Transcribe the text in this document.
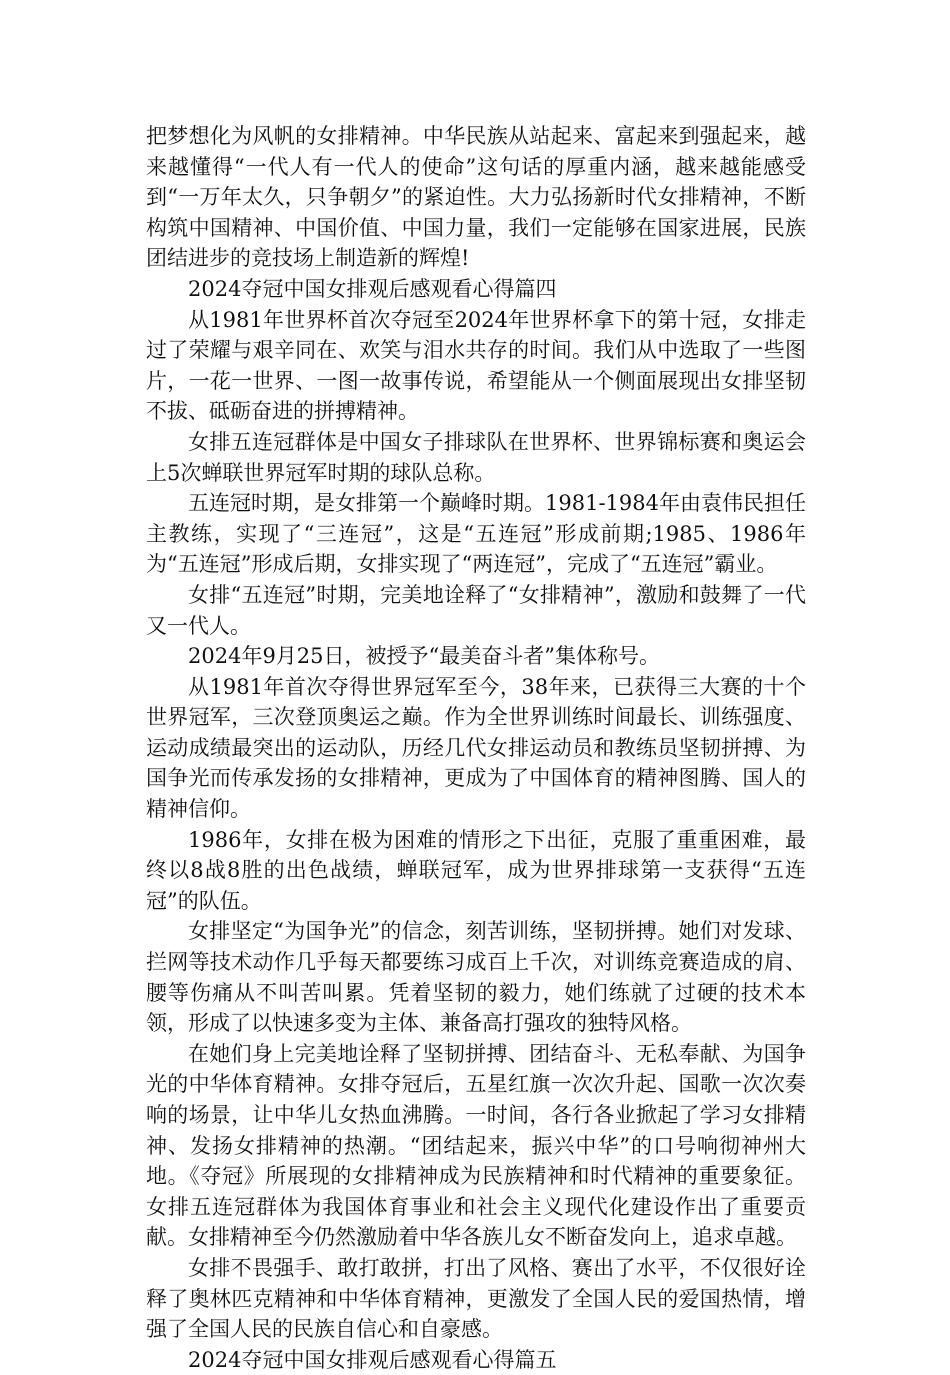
把梦想化为风帆的女排精神。中华民族从站起来、富起来到强起来，越来越懂得“一代人有一代人的使命”这句话的厚重内涵，越来越能感受到“一万年太久，只争朝夕”的紧迫性。大力弘扬新时代女排精神，不断构筑中国精神、中国价值、中国力量，我们一定能够在国家进展，民族团结进步的竞技场上制造新的辉煌!

2024夺冠中国女排观后感观看心得篇四

从1981年世界杯首次夺冠至2024年世界杯拿下的第十冠，女排走过了荣耀与艰辛同在、欢笑与泪水共存的时间。我们从中选取了一些图片，一花一世界、一图一故事传说，希望能从一个侧面展现出女排坚韧不拔、砥砺奋进的拼搏精神。

女排五连冠群体是中国女子排球队在世界杯、世界锦标赛和奥运会上5次蝉联世界冠军时期的球队总称。

五连冠时期，是女排第一个巅峰时期。1981-1984年由袁伟民担任主教练，实现了“三连冠”，这是“五连冠”形成前期;1985、1986年为“五连冠”形成后期，女排实现了“两连冠”，完成了“五连冠”霸业。

女排“五连冠”时期，完美地诠释了“女排精神”，激励和鼓舞了一代又一代人。

2024年9月25日，被授予“最美奋斗者”集体称号。

从1981年首次夺得世界冠军至今，38年来，已获得三大赛的十个世界冠军，三次登顶奥运之巅。作为全世界训练时间最长、训练强度、运动成绩最突出的运动队，历经几代女排运动员和教练员坚韧拼搏、为国争光而传承发扬的女排精神，更成为了中国体育的精神图腾、国人的精神信仰。

1986年，女排在极为困难的情形之下出征，克服了重重困难，最终以8战8胜的出色战绩，蝉联冠军，成为世界排球第一支获得“五连冠”的队伍。

女排坚定“为国争光”的信念，刻苦训练，坚韧拼搏。她们对发球、拦网等技术动作几乎每天都要练习成百上千次，对训练竞赛造成的肩、腰等伤痛从不叫苦叫累。凭着坚韧的毅力，她们练就了过硬的技术本领，形成了以快速多变为主体、兼备高打强攻的独特风格。

在她们身上完美地诠释了坚韧拼搏、团结奋斗、无私奉献、为国争光的中华体育精神。女排夺冠后，五星红旗一次次升起、国歌一次次奏响的场景，让中华儿女热血沸腾。一时间，各行各业掀起了学习女排精神、发扬女排精神的热潮。“团结起来，振兴中华”的口号响彻神州大地。《夺冠》所展现的女排精神成为民族精神和时代精神的重要象征。女排五连冠群体为我国体育事业和社会主义现代化建设作出了重要贡献。女排精神至今仍然激励着中华各族儿女不断奋发向上，追求卓越。

女排不畏强手、敢打敢拼，打出了风格、赛出了水平，不仅很好诠释了奥林匹克精神和中华体育精神，更激发了全国人民的爱国热情，增强了全国人民的民族自信心和自豪感。

2024夺冠中国女排观后感观看心得篇五
